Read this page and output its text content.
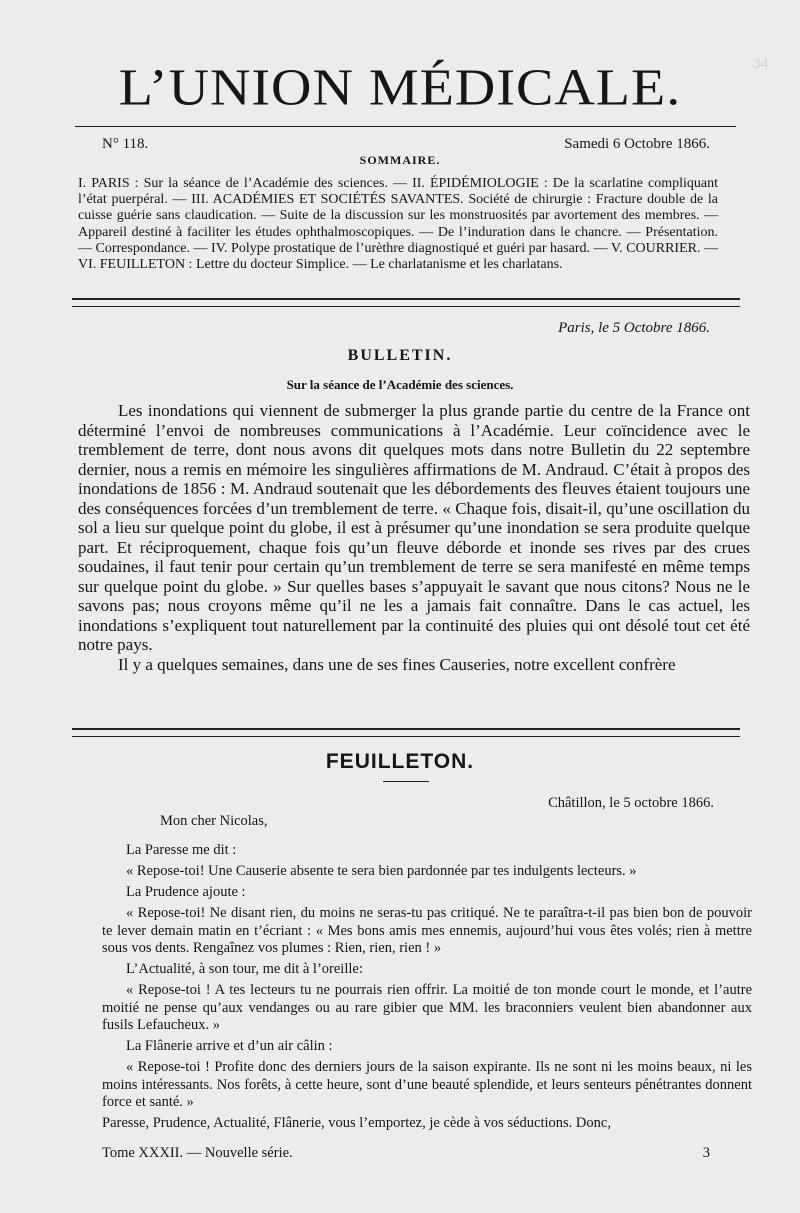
34
L’UNION MÉDICALE.
N° 118.	Samedi 6 Octobre 1866.
SOMMAIRE.
I. PARIS : Sur la séance de l’Académie des sciences. — II. ÉPIDÉMIOLOGIE : De la scarlatine compliquant l’état puerpéral. — III. ACADÉMIES ET SOCIÉTÉS SAVANTES. Société de chirurgie : Fracture double de la cuisse guérie sans claudication. — Suite de la discussion sur les monstruosités par avortement des membres. — Appareil destiné à faciliter les études ophthalmoscopiques. — De l’induration dans le chancre. — Présentation. — Correspondance. — IV. Polype prostatique de l’urèthre diagnostiqué et guéri par hasard. — V. COURRIER. — VI. FEUILLETON : Lettre du docteur Simplice. — Le charlatanisme et les charlatans.
Paris, le 5 Octobre 1866.
BULLETIN.
Sur la séance de l’Académie des sciences.

Les inondations qui viennent de submerger la plus grande partie du centre de la France ont déterminé l’envoi de nombreuses communications à l’Académie. Leur coïncidence avec le tremblement de terre, dont nous avons dit quelques mots dans notre Bulletin du 22 septembre dernier, nous a remis en mémoire les singulières affirmations de M. Andraud. C’était à propos des inondations de 1856 : M. Andraud soutenait que les débordements des fleuves étaient toujours une des conséquences forcées d’un tremblement de terre. « Chaque fois, disait-il, qu’une oscillation du sol a lieu sur quelque point du globe, il est à présumer qu’une inondation se sera produite quelque part. Et réciproquement, chaque fois qu’un fleuve déborde et inonde ses rives par des crues soudaines, il faut tenir pour certain qu’un tremblement de terre se sera manifesté en même temps sur quelque point du globe. » Sur quelles bases s’appuyait le savant que nous citons? Nous ne le savons pas; nous croyons même qu’il ne les a jamais fait connaître. Dans le cas actuel, les inondations s’expliquent tout naturellement par la continuité des pluies qui ont désolé tout cet été notre pays.

Il y a quelques semaines, dans une de ses fines Causeries, notre excellent confrère

FEUILLETON.
Châtillon, le 5 octobre 1866.
Mon cher Nicolas,

La Paresse me dit :

« Repose-toi! Une Causerie absente te sera bien pardonnée par tes indulgents lecteurs. »

La Prudence ajoute :

« Repose-toi! Ne disant rien, du moins ne seras-tu pas critiqué. Ne te paraîtra-t-il pas bien bon de pouvoir te lever demain matin en t’écriant : « Mes bons amis mes ennemis, aujourd’hui vous êtes volés; rien à mettre sous vos dents. Rengaînez vos plumes : Rien, rien, rien ! »

L’Actualité, à son tour, me dit à l’oreille:

« Repose-toi ! A tes lecteurs tu ne pourrais rien offrir. La moitié de ton monde court le monde, et l’autre moitié ne pense qu’aux vendanges ou au rare gibier que MM. les braconniers veulent bien abandonner aux fusils Lefaucheux. »

La Flânerie arrive et d’un air câlin :

« Repose-toi ! Profite donc des derniers jours de la saison expirante. Ils ne sont ni les moins beaux, ni les moins intéressants. Nos forêts, à cette heure, sont d’une beauté splendide, et leurs senteurs pénétrantes donnent force et santé. »

Paresse, Prudence, Actualité, Flânerie, vous l’emportez, je cède à vos séductions. Donc,

Tome XXXII. — Nouvelle série.	3
